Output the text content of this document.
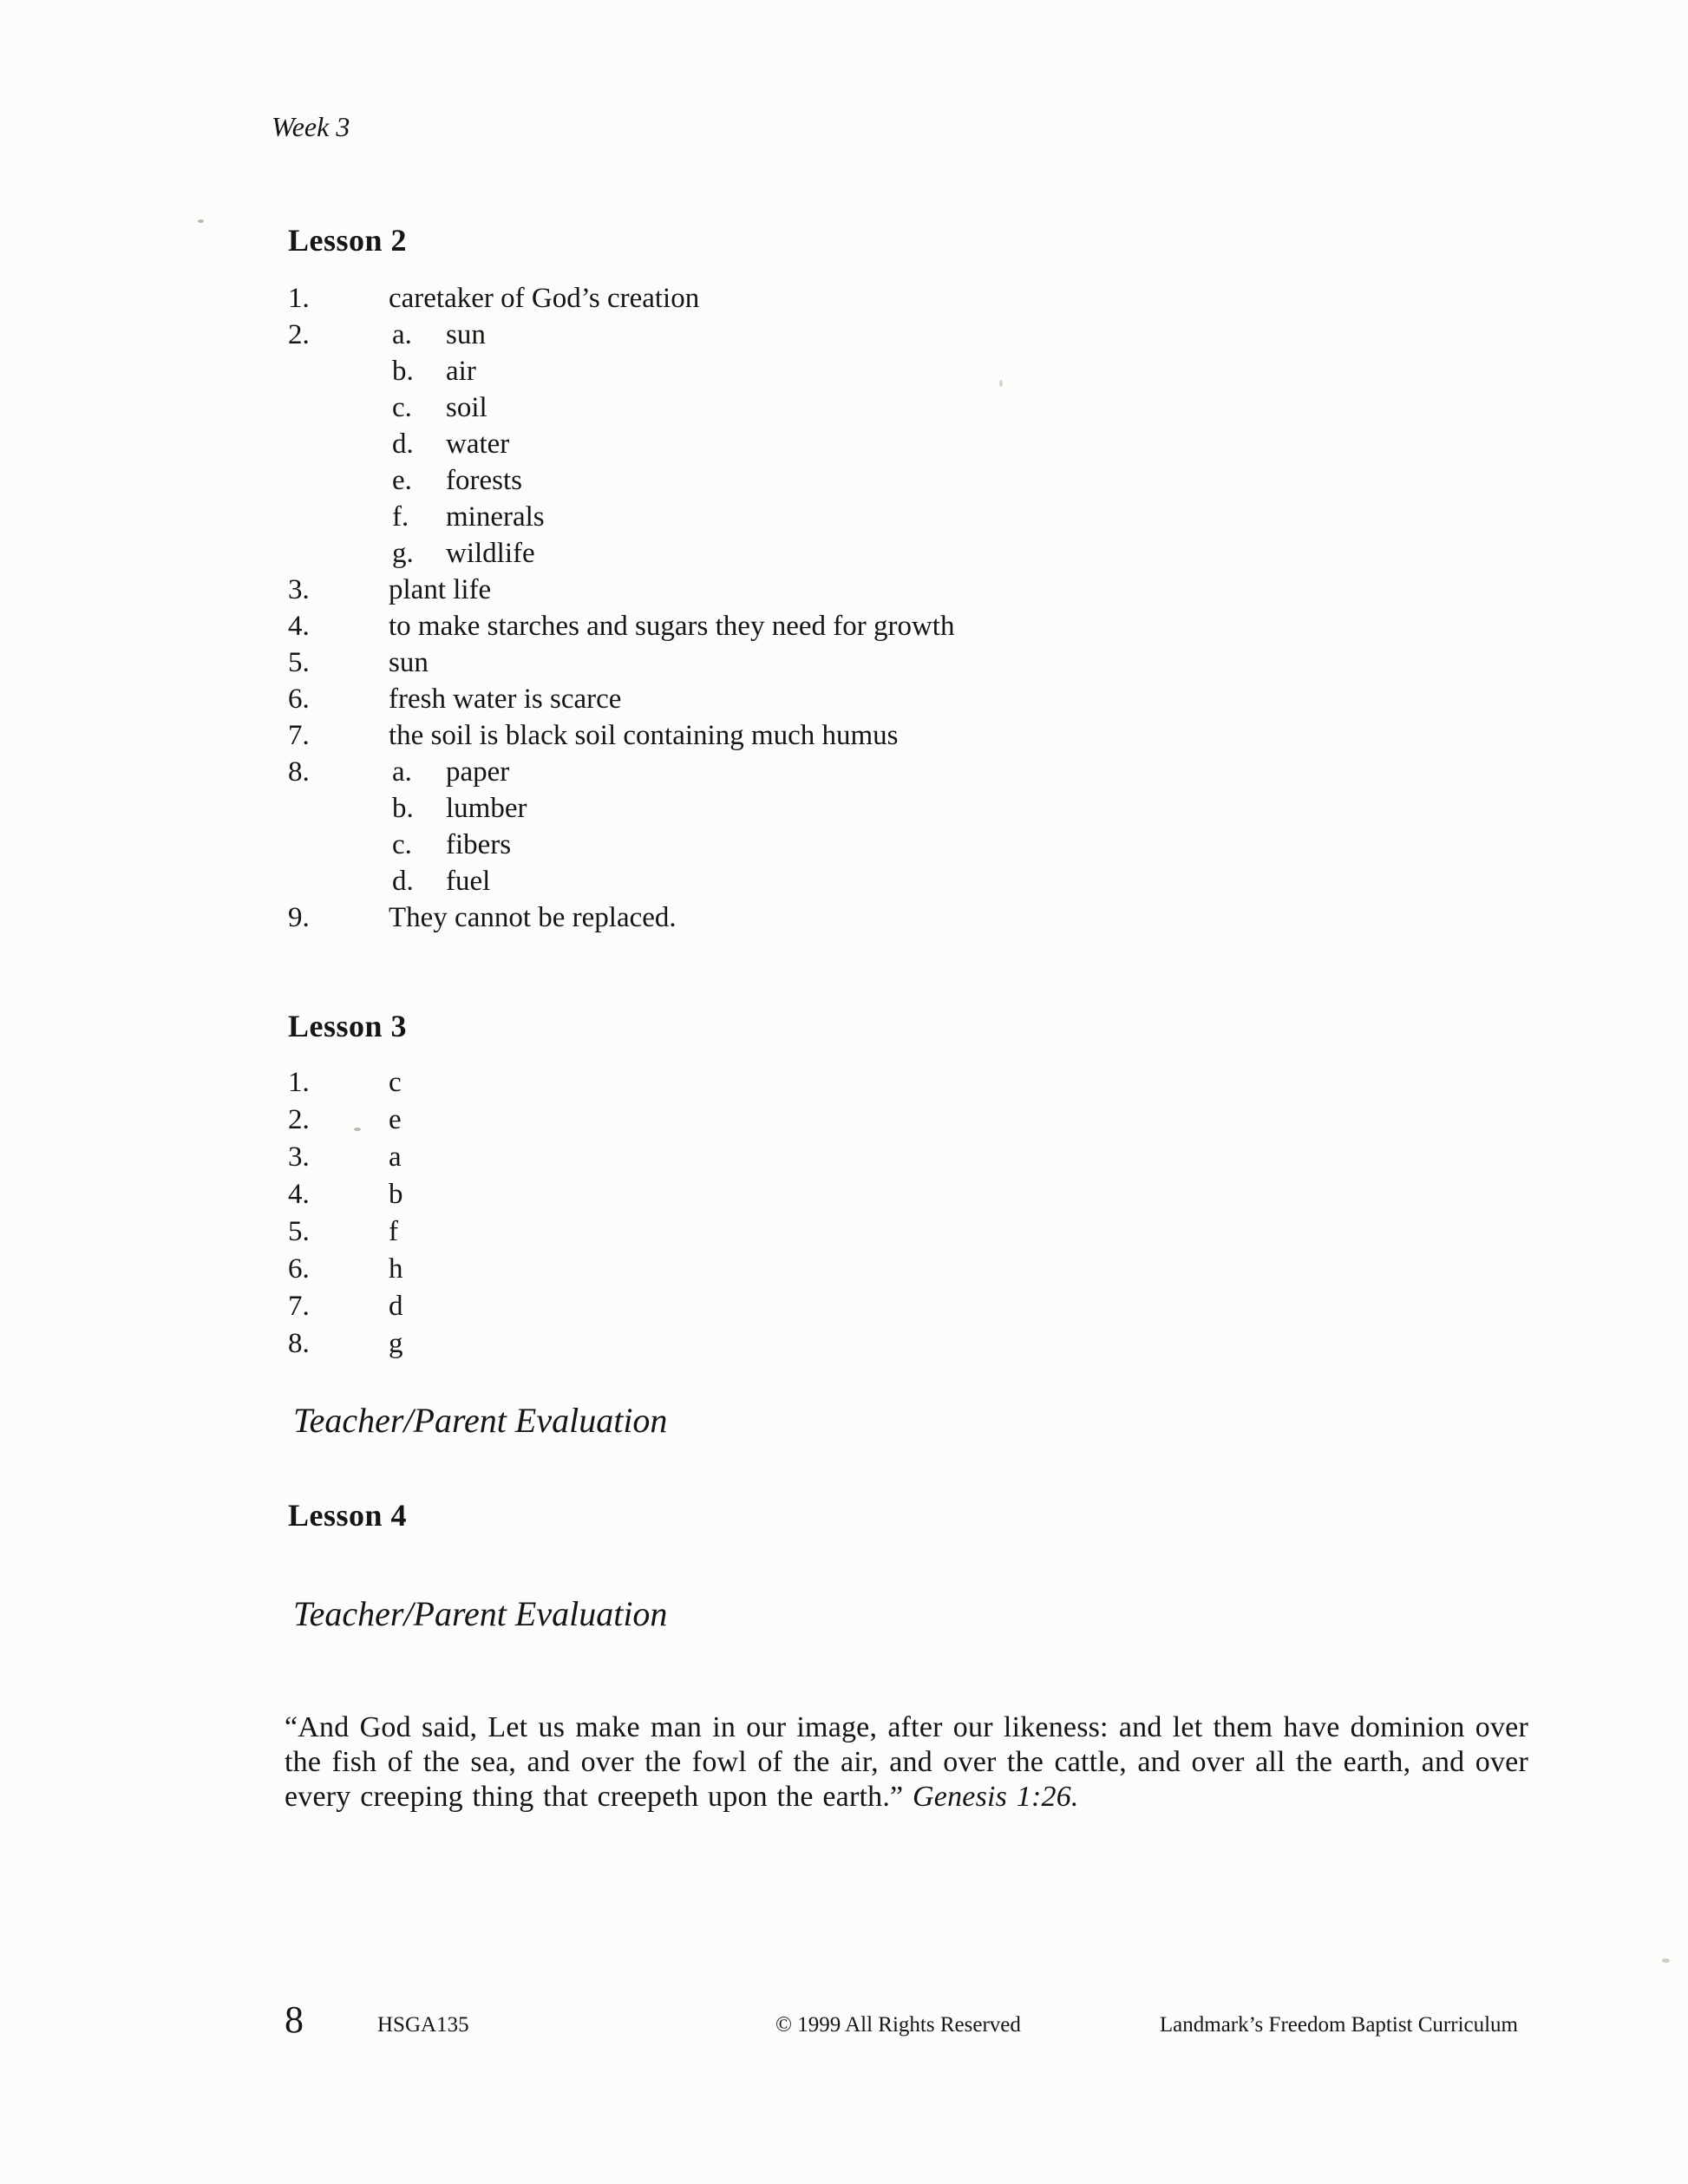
Week 3
Lesson 2
1.	caretaker of God’s creation
2.	a. sun
b. air
c. soil
d. water
e. forests
f. minerals
g. wildlife
3.	plant life
4.	to make starches and sugars they need for growth
5.	sun
6.	fresh water is scarce
7.	the soil is black soil containing much humus
8.	a. paper
b. lumber
c. fibers
d. fuel
9.	They cannot be replaced.
Lesson 3
1.	c
2.	e
3.	a
4.	b
5.	f
6.	h
7.	d
8.	g
Teacher/Parent Evaluation
Lesson 4
Teacher/Parent Evaluation

“And God said, Let us make man in our image, after our likeness: and let them have dominion over the fish of the sea, and over the fowl of the air, and over the cattle, and over all the earth, and over every creeping thing that creepeth upon the earth.” Genesis 1:26.

8	HSGA135	© 1999 All Rights Reserved	Landmark’s Freedom Baptist Curriculum
